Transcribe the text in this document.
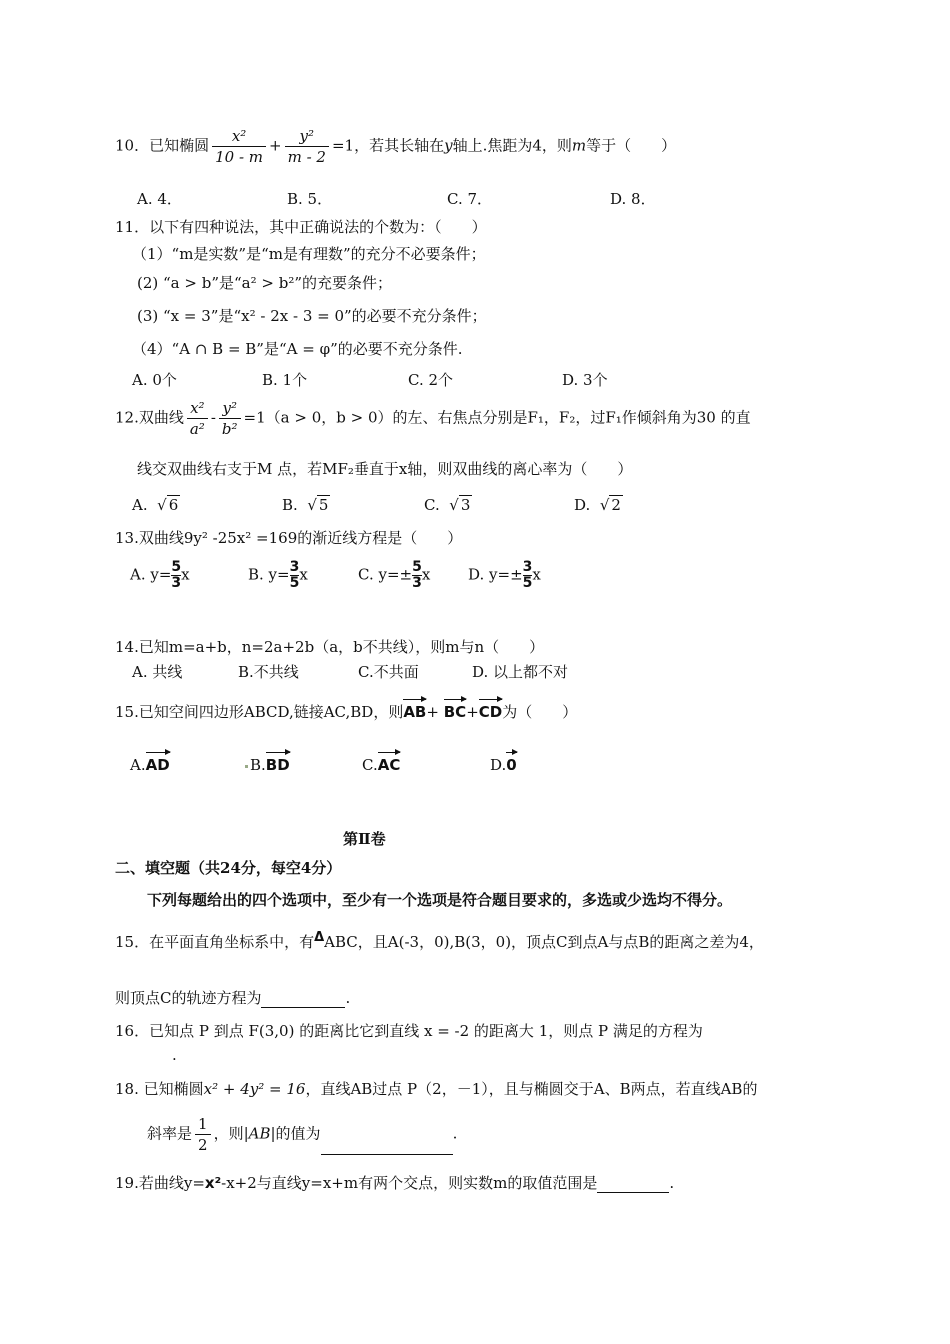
10．已知椭圆 $\frac{\text{x²}}{10 - m} + \frac{\text{y²}}{m - 2} =1$，若其长轴在y轴上.焦距为4，则m等于（　　）
A. 4．	B. 5．	C. 7．	D. 8．
11．以下有四种说法，其中正确说法的个数为：（　　）
（1）“m是实数”是“m是有理数”的充分不必要条件；
(2) “a > b”是“a² > b²”的充要条件；
(3) “x = 3”是“x² - 2x - 3 = 0”的必要不充分条件；
（4）“A ∩ B = B”是“A = φ”的必要不充分条件.
A. 0个	B. 1个	C. 2个	D. 3个
12.双曲线 $\frac{\text{x²}}{\text{a²}} - \frac{\text{y²}}{\text{b²}} =1(a > 0$，b > 0）的左、右焦点分别是F₁，F₂，过F₁作倾斜角为30 的直
线交双曲线右支于M 点，若MF₂垂直于x轴，则双曲线的离心率为（　　）
A. √ 6	B. √ 5	C. √ 3	D. √ 2
13.双曲线9y² -25x² =169的渐近线方程是（　　）
A. $y= \frac{5}{3}x$	B. $y= \frac{3}{5}x$	C. $y=\pm \frac{5}{3}x$	D. $y=\pm \frac{3}{5}x$
14.已知m=a+b，n=2a+2b（a，b不共线），则m与n（　　）
A. 共线	B.不共线	C.不共面	D. 以上都不对
15.已知空间四边形ABCD,链接AC,BD，则AB+ BC+CD为（　　）
A.AD	B.BD	C.AC	D.0
第Ⅱ卷
二、填空题（共24分，每空4分）
下列每题给出的四个选项中，至少有一个选项是符合题目要求的，多选或少选均不得分。
15．在平面直角坐标系中，有ΔABC，且A(-3，0),B(3，0)，顶点C到点A与点B的距离之差为4，
则顶点C的轨迹方程为	.
16．已知点 P 到点 F(3,0) 的距离比它到直线 x = -2 的距离大 1，则点 P 满足的方程为
.
18. 已知椭圆x² + 4y² = 16，直线AB过点 P（2，－1），且与椭圆交于A、B两点，若直线AB的
斜率是 $\frac{1}{2}$ ，则|AB|的值为	.
19.若曲线y=x²-x+2与直线y=x+m有两个交点，则实数m的取值范围是	.
